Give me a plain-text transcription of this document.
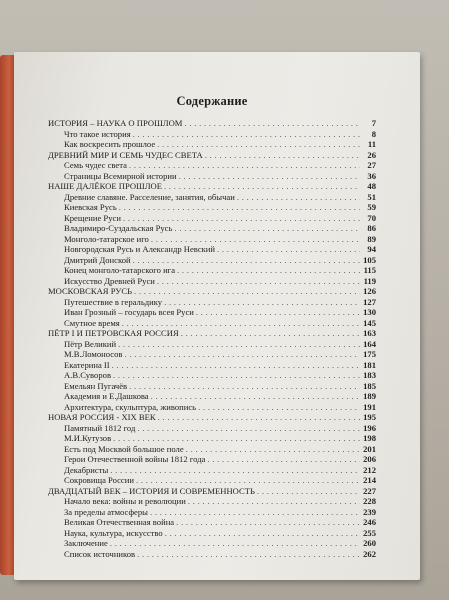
Содержание
ИСТОРИЯ – НАУКА О ПРОШЛОМ . . .	7
Что такое история . . .	8
Как воскресить прошлое . . .	11
ДРЕВНИЙ МИР И СЕМЬ ЧУДЕС СВЕТА . . .	26
Семь чудес света . . .	27
Страницы Всемирной истории . . .	36
НАШЕ ДАЛЁКОЕ ПРОШЛОЕ . . .	48
Древние славяне. Расселение, занятия, обычаи . . .	51
Киевская Русь . . .	59
Крещение Руси . . .	70
Владимиро-Суздальская Русь . . .	86
Монголо-татарское иго . . .	89
Новгородская Русь и Александр Невский . . .	94
Дмитрий Донской . . .	105
Конец монголо-татарского ига . . .	115
Искусство Древней Руси . . .	119
МОСКОВСКАЯ РУСЬ . . .	126
Путешествие в геральдику . . .	127
Иван Грозный – государь всея Руси . . .	130
Смутное время . . .	145
ПЁТР I И ПЕТРОВСКАЯ РОССИЯ . . .	163
Пётр Великий . . .	164
М.В.Ломоносов . . .	175
Екатерина II . . .	181
А.В.Суворов . . .	183
Емельян Пугачёв . . .	185
Академия и Е.Дашкова . . .	189
Архитектура, скульптура, живопись . . .	191
НОВАЯ РОССИЯ - XIX ВЕК . . .	195
Памятный 1812 год . . .	196
М.И.Кутузов . . .	198
Есть под Москвой большое поле . . .	201
Герои Отечественной войны 1812 года . . .	206
Декабристы . . .	212
Сокровища России . . .	214
ДВАДЦАТЫЙ ВЕК – ИСТОРИЯ И СОВРЕМЕННОСТЬ . . .	227
Начало века: войны и революции . . .	228
За пределы атмосферы . . .	239
Великая Отечественная война . . .	246
Наука, культура, искусство . . .	255
Заключение . . .	260
Список источников . . .	262
